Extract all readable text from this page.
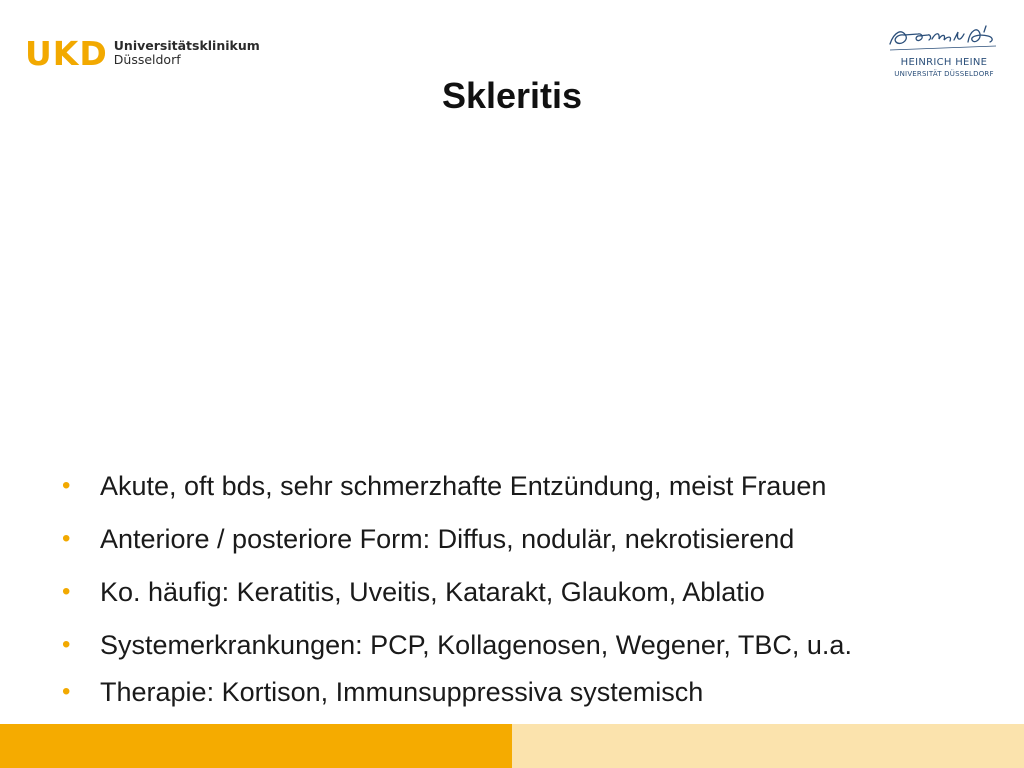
UKD Universitätsklinikum
Düsseldorf	HEINRICH HEINE
UNIVERSITÄT DÜSSELDORF
Skleritis
• Akute, oft bds, sehr schmerzhafte Entzündung, meist Frauen
• Anteriore / posteriore Form: Diffus, nodulär, nekrotisierend
• Ko. häufig: Keratitis, Uveitis, Katarakt, Glaukom, Ablatio
• Systemerkrankungen: PCP, Kollagenosen, Wegener, TBC, u.a.
• Therapie: Kortison, Immunsuppressiva systemisch
